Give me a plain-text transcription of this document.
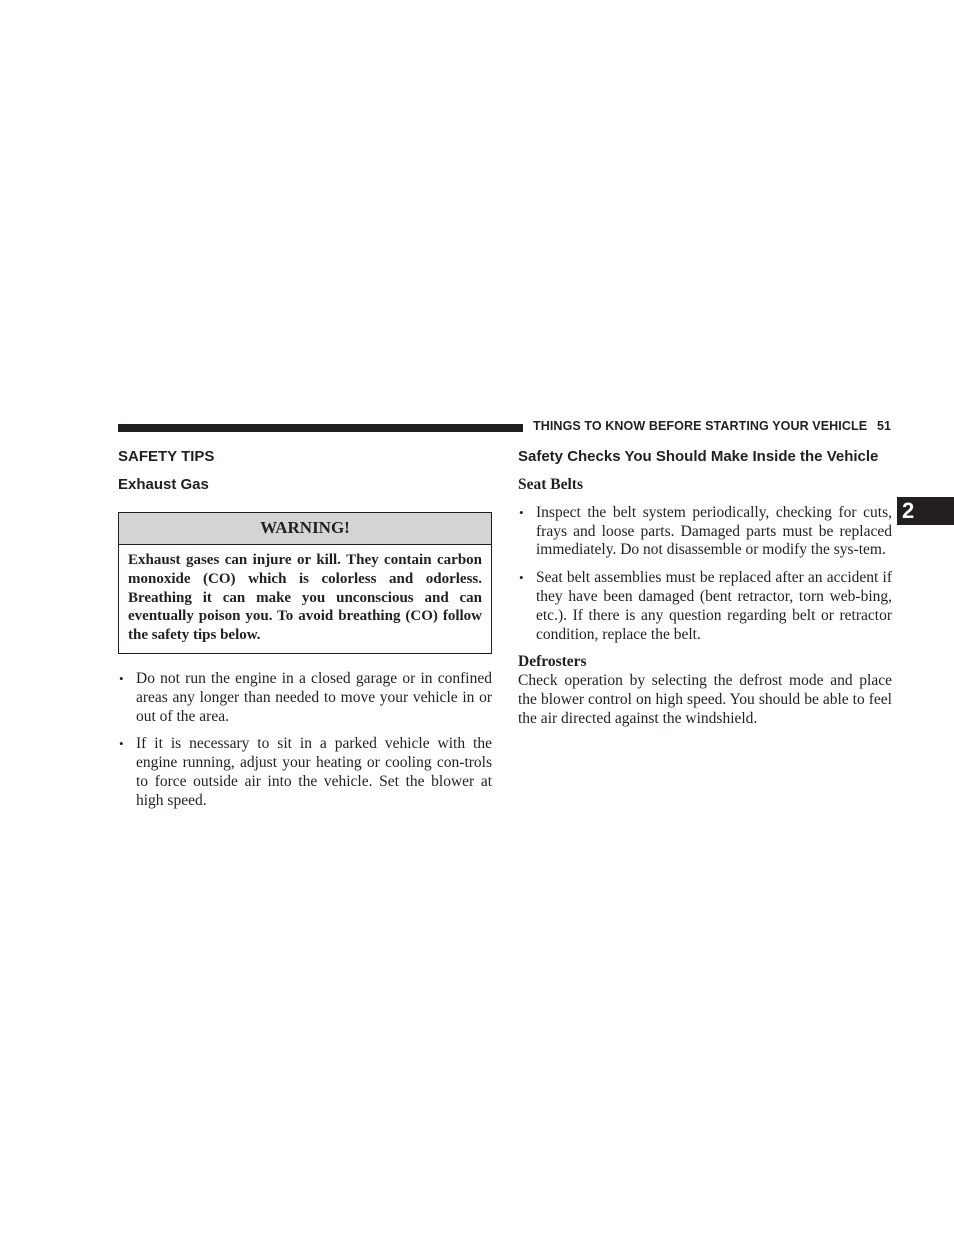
THINGS TO KNOW BEFORE STARTING YOUR VEHICLE 51
2
SAFETY TIPS
Exhaust Gas
WARNING!
Exhaust gases can injure or kill. They contain carbon monoxide (CO) which is colorless and odorless. Breathing it can make you unconscious and can eventually poison you. To avoid breathing (CO) follow the safety tips below.
• Do not run the engine in a closed garage or in confined areas any longer than needed to move your vehicle in or out of the area.
• If it is necessary to sit in a parked vehicle with the engine running, adjust your heating or cooling con-trols to force outside air into the vehicle. Set the blower at high speed.
Safety Checks You Should Make Inside the Vehicle
Seat Belts
• Inspect the belt system periodically, checking for cuts, frays and loose parts. Damaged parts must be replaced immediately. Do not disassemble or modify the sys-tem.
• Seat belt assemblies must be replaced after an accident if they have been damaged (bent retractor, torn web-bing, etc.). If there is any question regarding belt or retractor condition, replace the belt.
Defrosters

Check operation by selecting the defrost mode and place the blower control on high speed. You should be able to feel the air directed against the windshield.
